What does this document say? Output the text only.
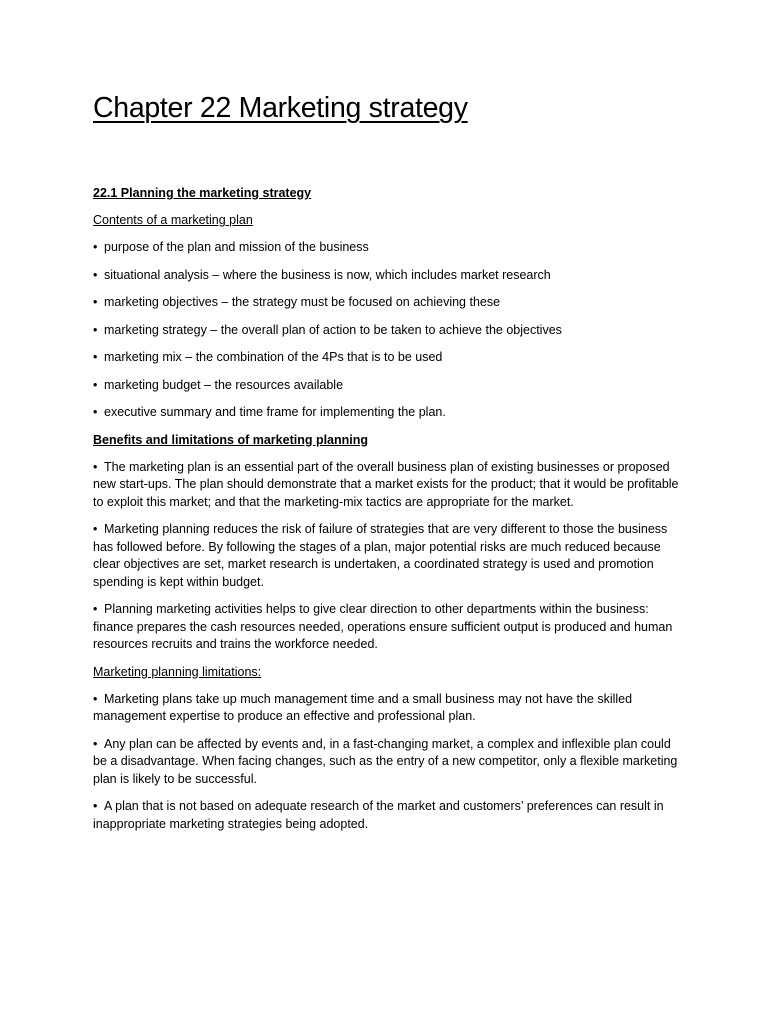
Chapter 22 Marketing strategy

22.1 Planning the marketing strategy

Contents of a marketing plan

• purpose of the plan and mission of the business
• situational analysis – where the business is now, which includes market research
• marketing objectives – the strategy must be focused on achieving these
• marketing strategy – the overall plan of action to be taken to achieve the objectives
• marketing mix – the combination of the 4Ps that is to be used
• marketing budget – the resources available
• executive summary and time frame for implementing the plan.

Benefits and limitations of marketing planning

• The marketing plan is an essential part of the overall business plan of existing businesses or proposed new start-ups. The plan should demonstrate that a market exists for the product; that it would be profitable to exploit this market; and that the marketing-mix tactics are appropriate for the market.
• Marketing planning reduces the risk of failure of strategies that are very different to those the business has followed before. By following the stages of a plan, major potential risks are much reduced because clear objectives are set, market research is undertaken, a coordinated strategy is used and promotion spending is kept within budget.
• Planning marketing activities helps to give clear direction to other departments within the business: finance prepares the cash resources needed, operations ensure sufficient output is produced and human resources recruits and trains the workforce needed.

Marketing planning limitations:

• Marketing plans take up much management time and a small business may not have the skilled management expertise to produce an effective and professional plan.
• Any plan can be affected by events and, in a fast-changing market, a complex and inflexible plan could be a disadvantage. When facing changes, such as the entry of a new competitor, only a flexible marketing plan is likely to be successful.
• A plan that is not based on adequate research of the market and customers’ preferences can result in inappropriate marketing strategies being adopted.
